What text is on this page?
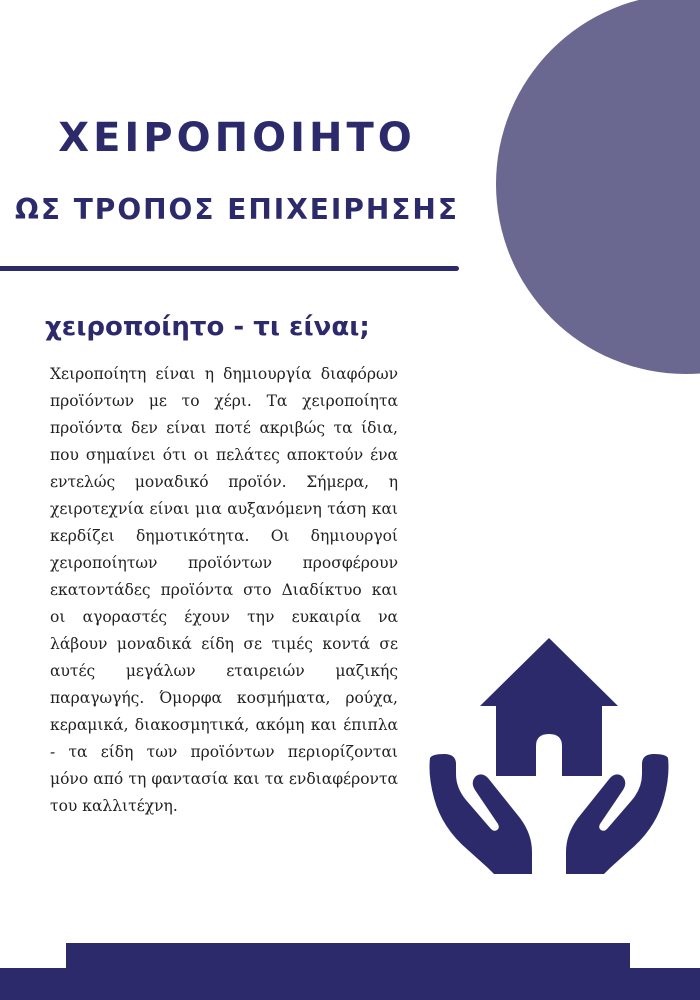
ΧΕΙΡΟΠΟΙΗΤΟ
ΩΣ ΤΡΟΠΟΣ ΕΠΙΧΕΙΡΗΣΗΣ
χειροποίητο - τι είναι;

Χειροποίητη είναι η δημιουργία διαφόρων προϊόντων με το χέρι. Τα χειροποίητα προϊόντα δεν είναι ποτέ ακριβώς τα ίδια, που σημαίνει ότι οι πελάτες αποκτούν ένα εντελώς μοναδικό προϊόν. Σήμερα, η χειροτεχνία είναι μια αυξανόμενη τάση και κερδίζει δημοτικότητα. Οι δημιουργοί χειροποίητων προϊόντων προσφέρουν εκατοντάδες προϊόντα στο Διαδίκτυο και οι αγοραστές έχουν την ευκαιρία να λάβουν μοναδικά είδη σε τιμές κοντά σε αυτές μεγάλων εταιρειών μαζικής παραγωγής. Όμορφα κοσμήματα, ρούχα, κεραμικά, διακοσμητικά, ακόμη και έπιπλα - τα είδη των προϊόντων περιορίζονται μόνο από τη φαντασία και τα ενδιαφέροντα του καλλιτέχνη.
